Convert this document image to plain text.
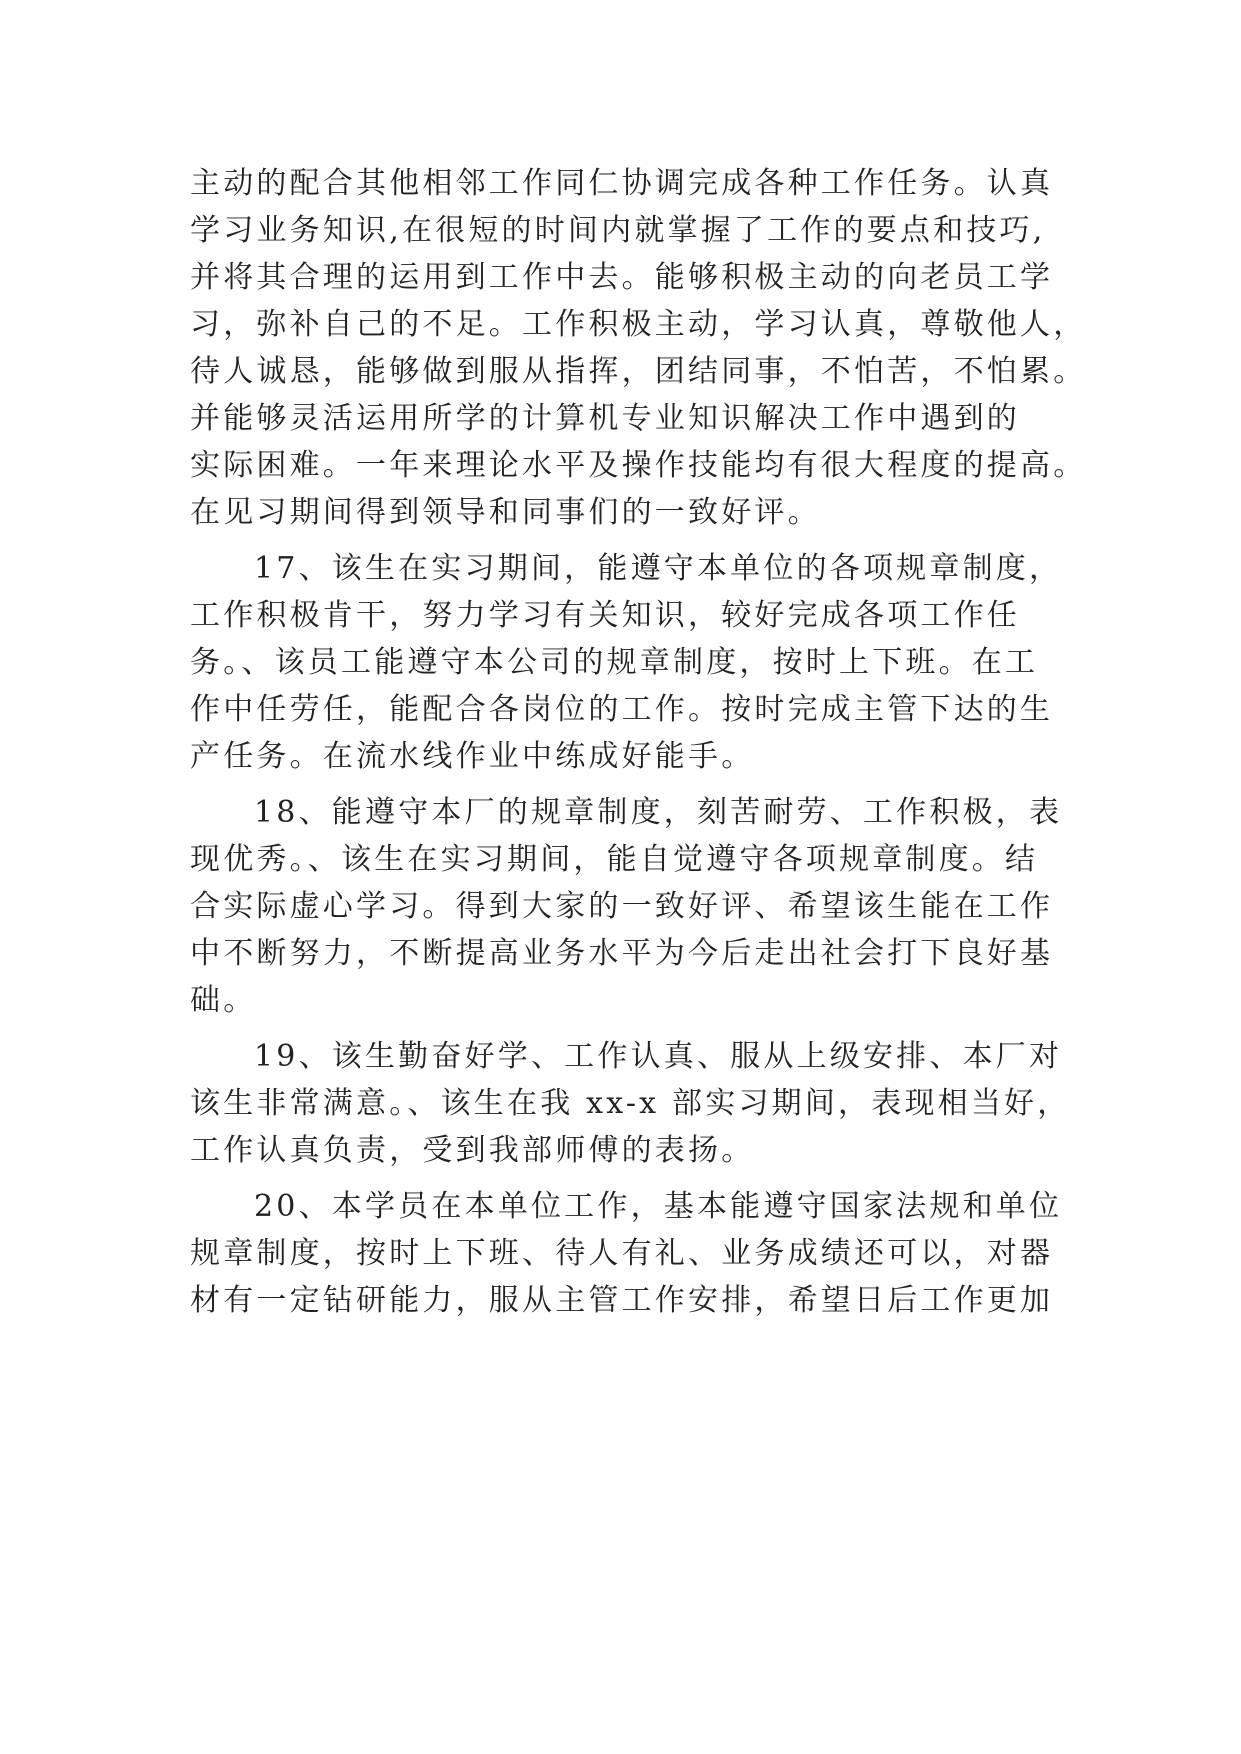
主动的配合其他相邻工作同仁协调完成各种工作任务。认真
学习业务知识,在很短的时间内就掌握了工作的要点和技巧,
并将其合理的运用到工作中去。能够积极主动的向老员工学
习，弥补自己的不足。工作积极主动，学习认真，尊敬他人，
待人诚恳，能够做到服从指挥，团结同事，不怕苦，不怕累。
并能够灵活运用所学的计算机专业知识解决工作中遇到的
实际困难。一年来理论水平及操作技能均有很大程度的提高。
在见习期间得到领导和同事们的一致好评。
17、该生在实习期间，能遵守本单位的各项规章制度，
工作积极肯干，努力学习有关知识，较好完成各项工作任
务。、该员工能遵守本公司的规章制度，按时上下班。在工
作中任劳任，能配合各岗位的工作。按时完成主管下达的生
产任务。在流水线作业中练成好能手。
18、能遵守本厂的规章制度，刻苦耐劳、工作积极，表
现优秀。、该生在实习期间，能自觉遵守各项规章制度。结
合实际虚心学习。得到大家的一致好评、希望该生能在工作
中不断努力，不断提高业务水平为今后走出社会打下良好基
础。
19、该生勤奋好学、工作认真、服从上级安排、本厂对
该生非常满意。、该生在我 xx-x 部实习期间，表现相当好，
工作认真负责，受到我部师傅的表扬。
20、本学员在本单位工作，基本能遵守国家法规和单位
规章制度，按时上下班、待人有礼、业务成绩还可以，对器
材有一定钻研能力，服从主管工作安排，希望日后工作更加
